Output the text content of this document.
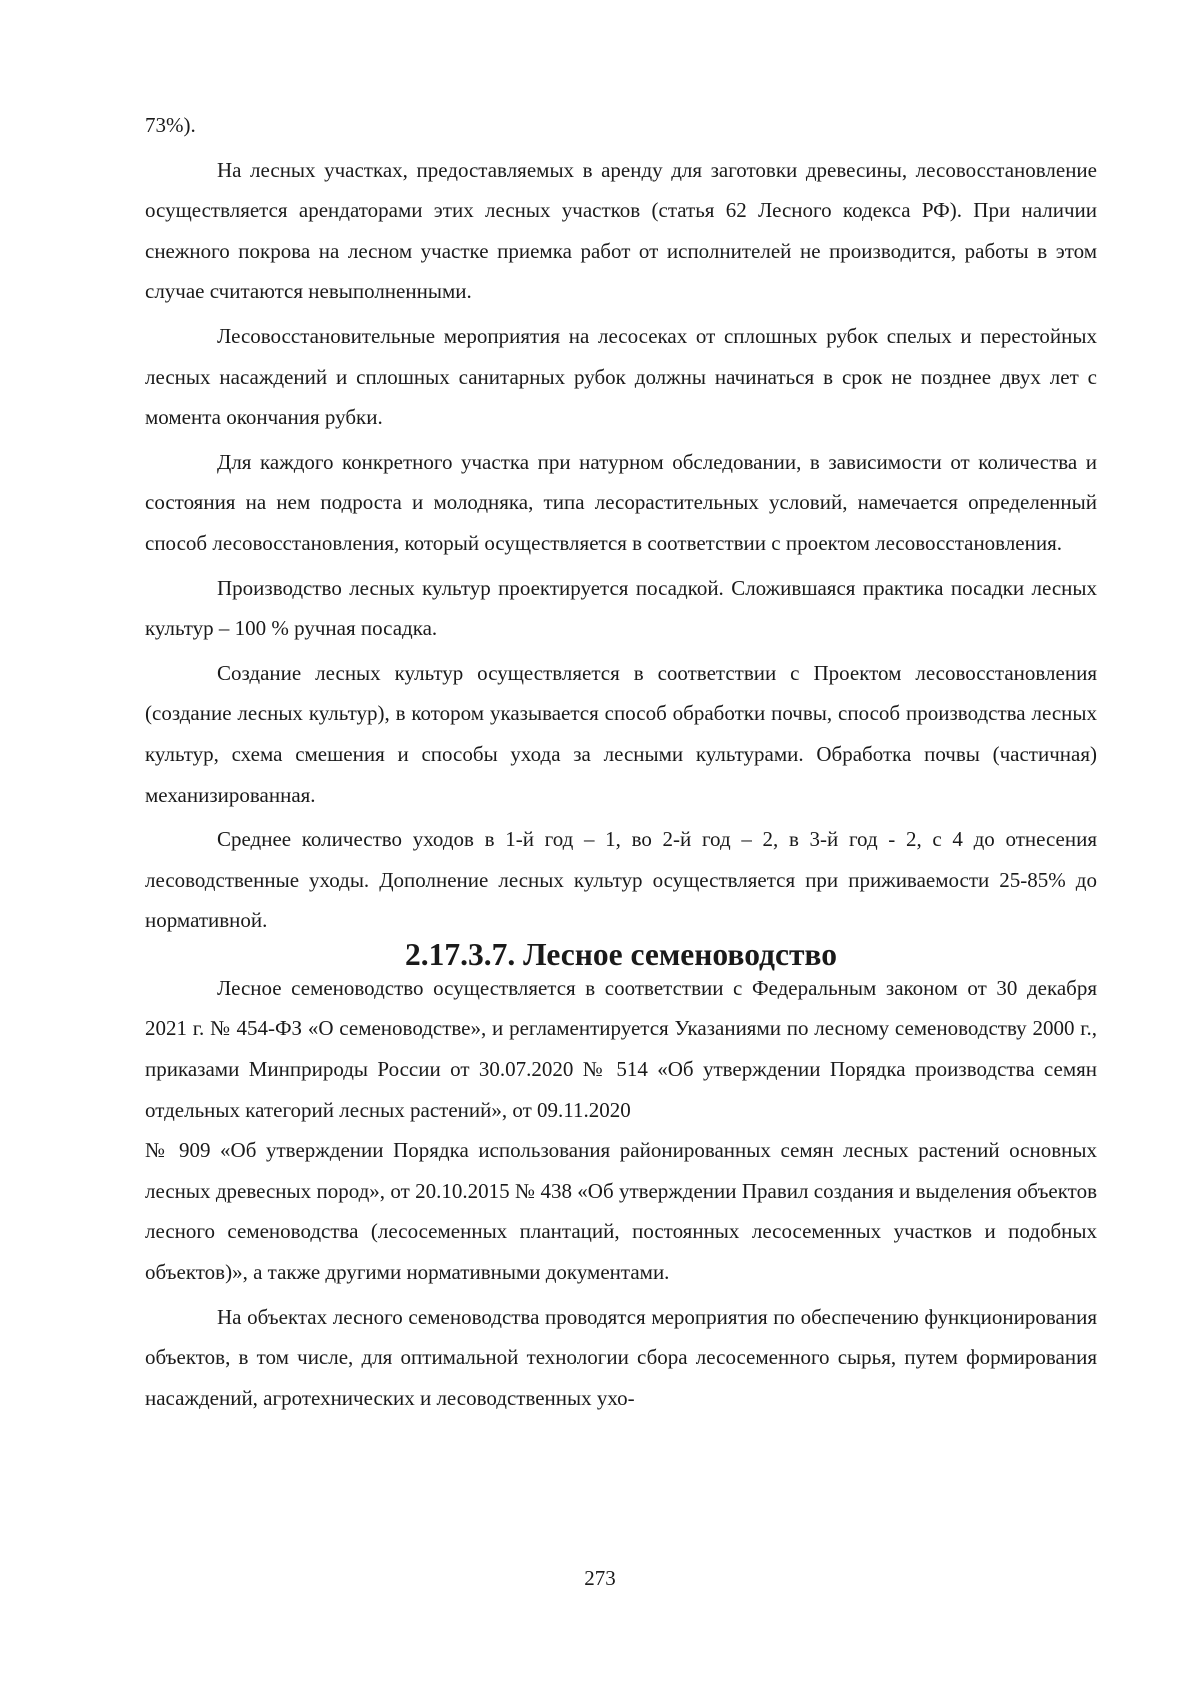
73%).

На лесных участках, предоставляемых в аренду для заготовки древесины, лесовосстановление осуществляется арендаторами этих лесных участков (статья 62 Лесного кодекса РФ). При наличии снежного покрова на лесном участке приемка работ от исполнителей не производится, работы в этом случае считаются невыполненными.

Лесовосстановительные мероприятия на лесосеках от сплошных рубок спелых и перестойных лесных насаждений и сплошных санитарных рубок должны начинаться в срок не позднее двух лет с момента окончания рубки.

Для каждого конкретного участка при натурном обследовании, в зависимости от количества и состояния на нем подроста и молодняка, типа лесорастительных условий, намечается определенный способ лесовосстановления, который осуществляется в соответствии с проектом лесовосстановления.

Производство лесных культур проектируется посадкой. Сложившаяся практика посадки лесных культур – 100 % ручная посадка.

Создание лесных культур осуществляется в соответствии с Проектом лесовосстановления (создание лесных культур), в котором указывается способ обработки почвы, способ производства лесных культур, схема смешения и способы ухода за лесными культурами. Обработка почвы (частичная) механизированная.

Среднее количество уходов в 1-й год – 1, во 2-й год – 2, в 3-й год - 2, с 4 до отнесения лесоводственные уходы. Дополнение лесных культур осуществляется при приживаемости 25-85% до нормативной.

2.17.3.7. Лесное семеноводство

Лесное семеноводство осуществляется в соответствии с Федеральным законом от 30 декабря 2021 г. № 454-ФЗ «О семеноводстве», и регламентируется Указаниями по лесному семеноводству 2000 г., приказами Минприроды России от 30.07.2020 № 514 «Об утверждении Порядка производства семян отдельных категорий лесных растений», от 09.11.2020

№ 909 «Об утверждении Порядка использования районированных семян лесных растений основных лесных древесных пород», от 20.10.2015 № 438 «Об утверждении Правил создания и выделения объектов лесного семеноводства (лесосеменных плантаций, постоянных лесосеменных участков и подобных объектов)», а также другими нормативными документами.

На объектах лесного семеноводства проводятся мероприятия по обеспечению функционирования объектов, в том числе, для оптимальной технологии сбора лесосеменного сырья, путем формирования насаждений, агротехнических и лесоводственных ухо-

273
